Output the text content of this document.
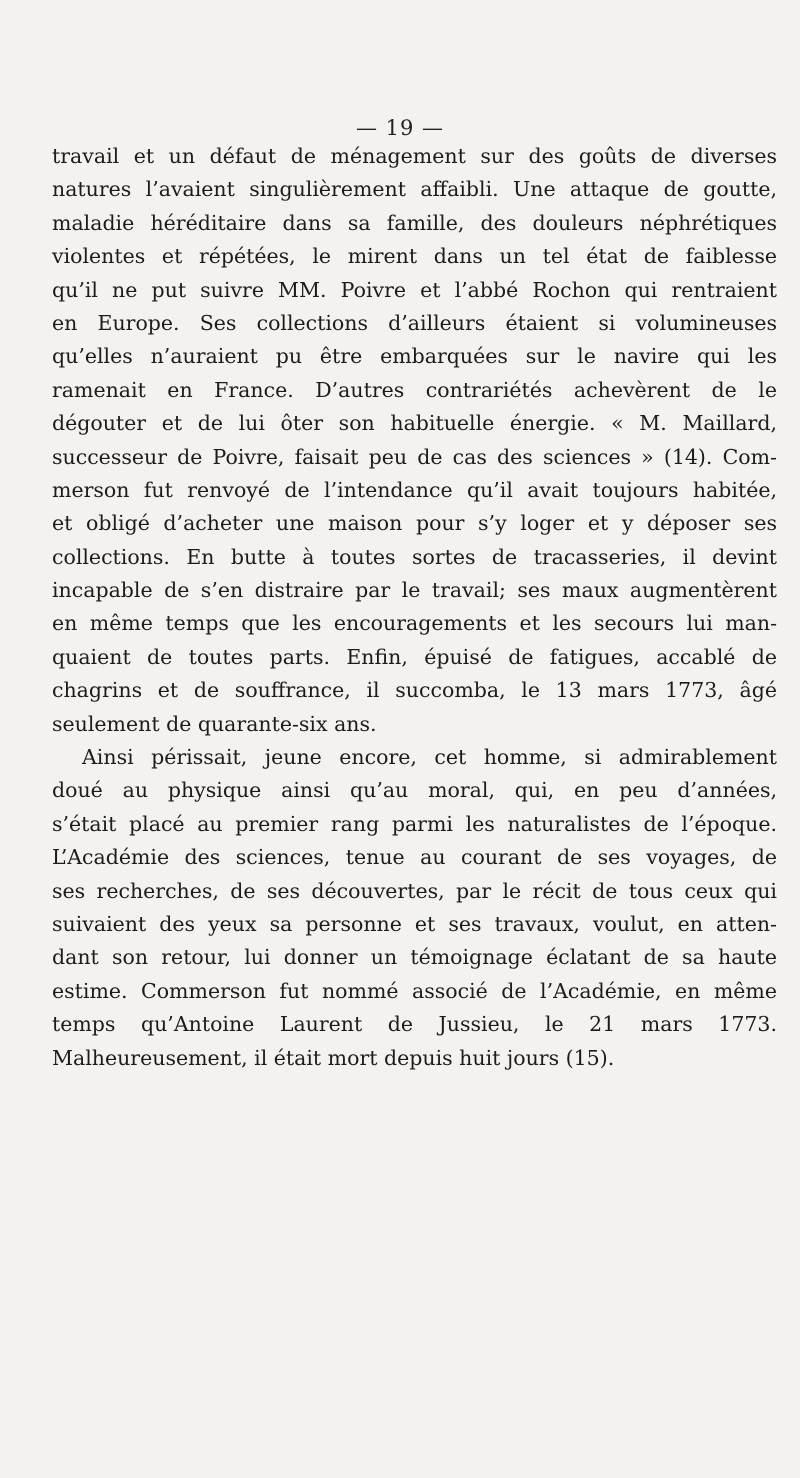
— 19 —
travail et un défaut de ménagement sur des goûts de diverses
natures l’avaient singulièrement affaibli. Une attaque de goutte,
maladie héréditaire dans sa famille, des douleurs néphrétiques
violentes et répétées, le mirent dans un tel état de faiblesse
qu’il ne put suivre MM. Poivre et l’abbé Rochon qui rentraient
en Europe. Ses collections d’ailleurs étaient si volumineuses
qu’elles n’auraient pu être embarquées sur le navire qui les
ramenait en France. D’autres contrariétés achevèrent de le
dégouter et de lui ôter son habituelle énergie. « M. Maillard,
successeur de Poivre, faisait peu de cas des sciences » (14). Com-
merson fut renvoyé de l’intendance qu’il avait toujours habitée,
et obligé d’acheter une maison pour s’y loger et y déposer ses
collections. En butte à toutes sortes de tracasseries, il devint
incapable de s’en distraire par le travail; ses maux augmentèrent
en même temps que les encouragements et les secours lui man-
quaient de toutes parts. Enfin, épuisé de fatigues, accablé de
chagrins et de souffrance, il succomba, le 13 mars 1773, âgé
seulement de quarante-six ans.
Ainsi périssait, jeune encore, cet homme, si admirablement
doué au physique ainsi qu’au moral, qui, en peu d’années,
s’était placé au premier rang parmi les naturalistes de l’époque.
L’Académie des sciences, tenue au courant de ses voyages, de
ses recherches, de ses découvertes, par le récit de tous ceux qui
suivaient des yeux sa personne et ses travaux, voulut, en atten-
dant son retour, lui donner un témoignage éclatant de sa haute
estime. Commerson fut nommé associé de l’Académie, en même
temps qu’Antoine Laurent de Jussieu, le 21 mars 1773.
Malheureusement, il était mort depuis huit jours (15).
